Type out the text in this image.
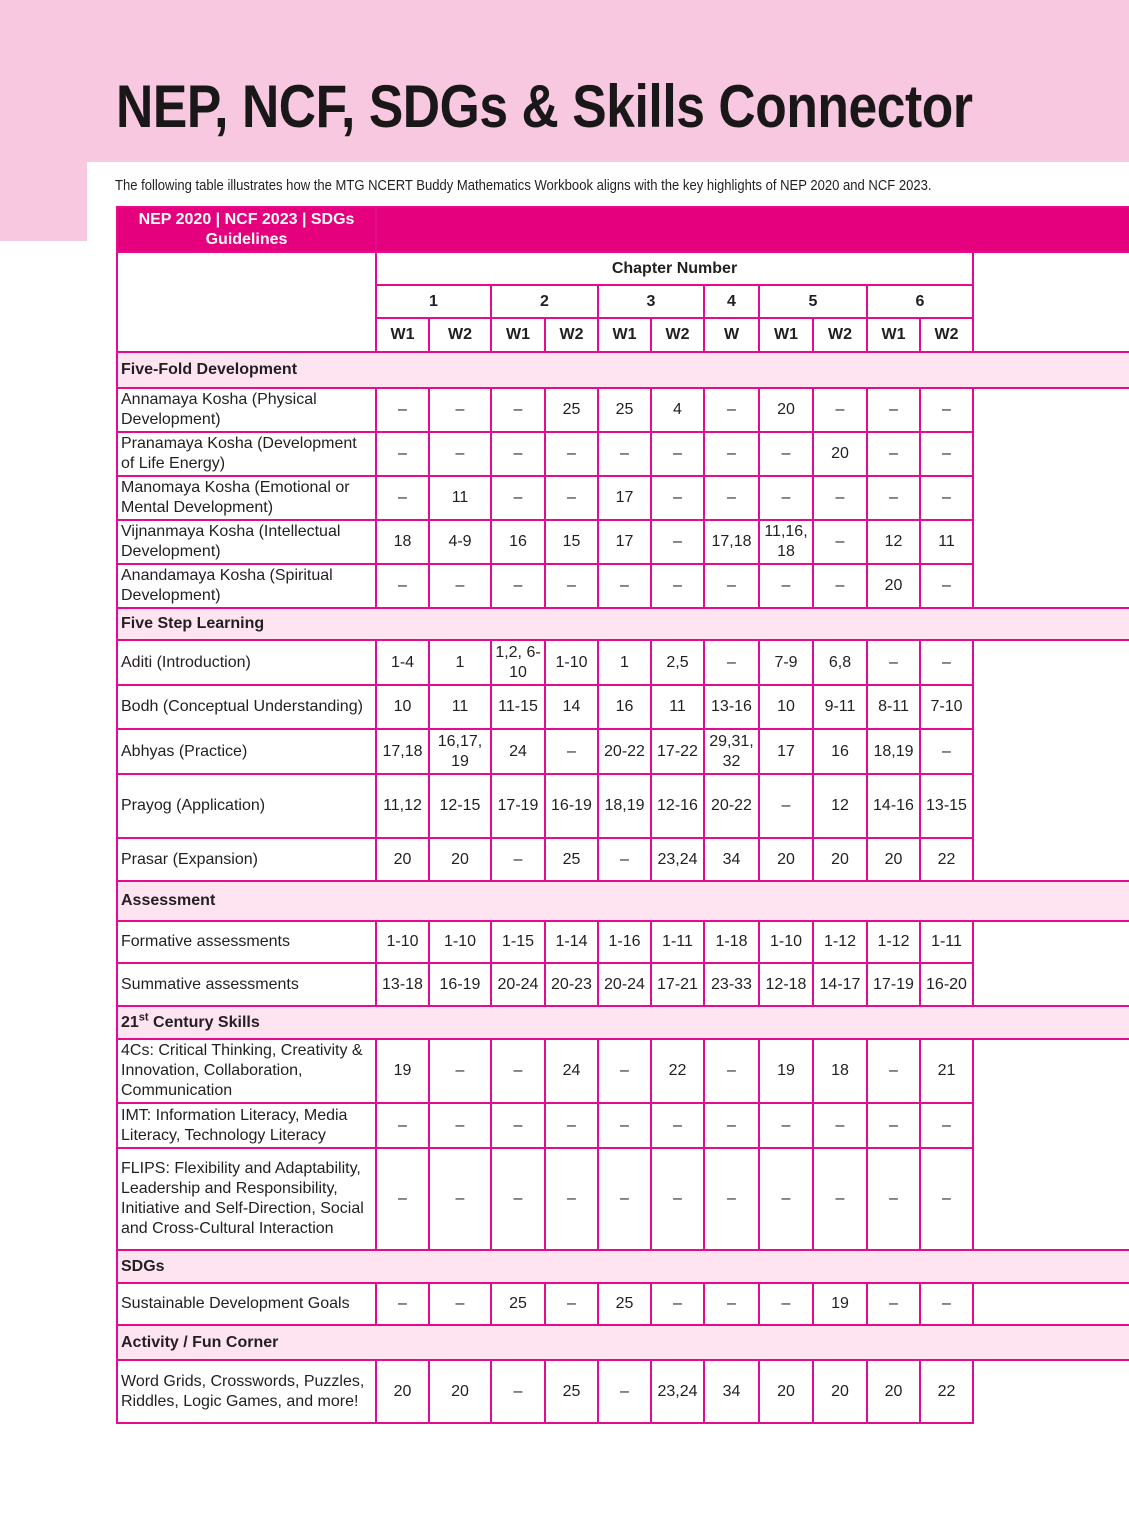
NEP, NCF, SDGs & Skills Connector

The following table illustrates how the MTG NCERT Buddy Mathematics Workbook aligns with the key highlights of NEP 2020 and NCF 2023.

NEP 2020 | NCF 2023 | SDGs Guidelines												
	Chapter Number											
	1		2		3		4	5		6		
	W1	W2	W1	W2	W1	W2	W	W1	W2	W1	W2	
Five-Fold Development												
Annamaya Kosha (Physical Development)	–	–	–	25	25	4	–	20	–	–	–	
Pranamaya Kosha (Development of Life Energy)	–	–	–	–	–	–	–	–	20	–	–	
Manomaya Kosha (Emotional or Mental Development)	–	11	–	–	17	–	–	–	–	–	–	
Vijnanmaya Kosha (Intellectual Development)	18	4-9	16	15	17	–	17,18	11,16, 18	–	12	11	
Anandamaya Kosha (Spiritual Development)	–	–	–	–	–	–	–	–	–	20	–	
Five Step Learning												
Aditi (Introduction)	1-4	1	1,2, 6-10	1-10	1	2,5	–	7-9	6,8	–	–	
Bodh (Conceptual Understanding)	10	11	11-15	14	16	11	13-16	10	9-11	8-11	7-10	
Abhyas (Practice)	17,18	16,17, 19	24	–	20-22	17-22	29,31, 32	17	16	18,19	–	
Prayog (Application)	11,12	12-15	17-19	16-19	18,19	12-16	20-22	–	12	14-16	13-15	
Prasar (Expansion)	20	20	–	25	–	23,24	34	20	20	20	22	
Assessment												
Formative assessments	1-10	1-10	1-15	1-14	1-16	1-11	1-18	1-10	1-12	1-12	1-11	
Summative assessments	13-18	16-19	20-24	20-23	20-24	17-21	23-33	12-18	14-17	17-19	16-20	
21st Century Skills												
4Cs: Critical Thinking, Creativity & Innovation, Collaboration, Communication	19	–	–	24	–	22	–	19	18	–	21	
IMT: Information Literacy, Media Literacy, Technology Literacy	–	–	–	–	–	–	–	–	–	–	–	
FLIPS: Flexibility and Adaptability, Leadership and Responsibility, Initiative and Self-Direction, Social and Cross-Cultural Interaction	–	–	–	–	–	–	–	–	–	–	–	
SDGs												
Sustainable Development Goals	–	–	25	–	25	–	–	–	19	–	–	
Activity / Fun Corner												
Word Grids, Crosswords, Puzzles, Riddles, Logic Games, and more!	20	20	–	25	–	23,24	34	20	20	20	22	
